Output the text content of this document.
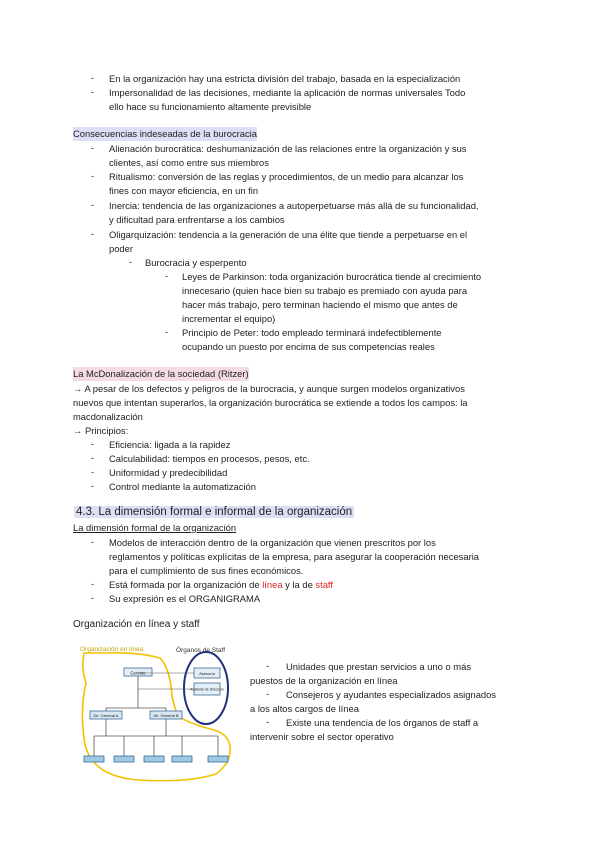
- En la organización hay una estricta división del trabajo, basada en la especialización
- Impersonalidad de las decisiones, mediante la aplicación de normas universales Todo
ello hace su funcionamiento altamente previsible
Consecuencias indeseadas de la burocracia
- Alienación burocrática: deshumanización de las relaciones entre la organización y sus
clientes, así como entre sus miembros
- Ritualismo: conversión de las reglas y procedimientos, de un medio para alcanzar los
fines con mayor eficiencia, en un fin
- Inercia: tendencia de las organizaciones a autoperpetuarse más allá de su funcionalidad,
y dificultad para enfrentarse a los cambios
- Oligarquización: tendencia a la generación de una élite que tiende a perpetuarse en el
poder
- Burocracia y esperpento
- Leyes de Parkinson: toda organización burocrática tiende al crecimiento
innecesario (quien hace bien su trabajo es premiado con ayuda para
hacer más trabajo, pero terminan haciendo el mismo que antes de
incrementar el equipo)
- Principio de Peter: todo empleado terminará indefectiblemente
ocupando un puesto por encima de sus competencias reales
La McDonalización de la sociedad (Ritzer)
→ A pesar de los defectos y peligros de la burocracia, y aunque surgen modelos organizativos
nuevos que intentan superarlos, la organización burocrática se extiende a todos los campos: la
macdonalización
→ Principios:
- Eficiencia: ligada a la rapidez
- Calculabilidad: tiempos en procesos, pesos, etc.
- Uniformidad y predecibilidad
- Control mediante la automatización
4.3. La dimensión formal e informal de la organización
La dimensión formal de la organización
- Modelos de interacción dentro de la organización que vienen prescritos por los
reglamentos y políticas explícitas de la empresa, para asegurar la cooperación necesaria
para el cumplimiento de sus fines económicos.
- Está formada por la organización de línea y la de staff
- Su expresión es el ORGANIGRAMA
Organización en línea y staff
Organización en línea	Órganos de Staff
Gerente	Asesoría
Asistente de Dirección
Dir. General A	Dir. General B
- Unidades que prestan servicios a uno o más
puestos de la organización en línea
- Consejeros y ayudantes especializados asignados
a los altos cargos de línea
- Existe una tendencia de los órganos de staff a
intervenir sobre el sector operativo
